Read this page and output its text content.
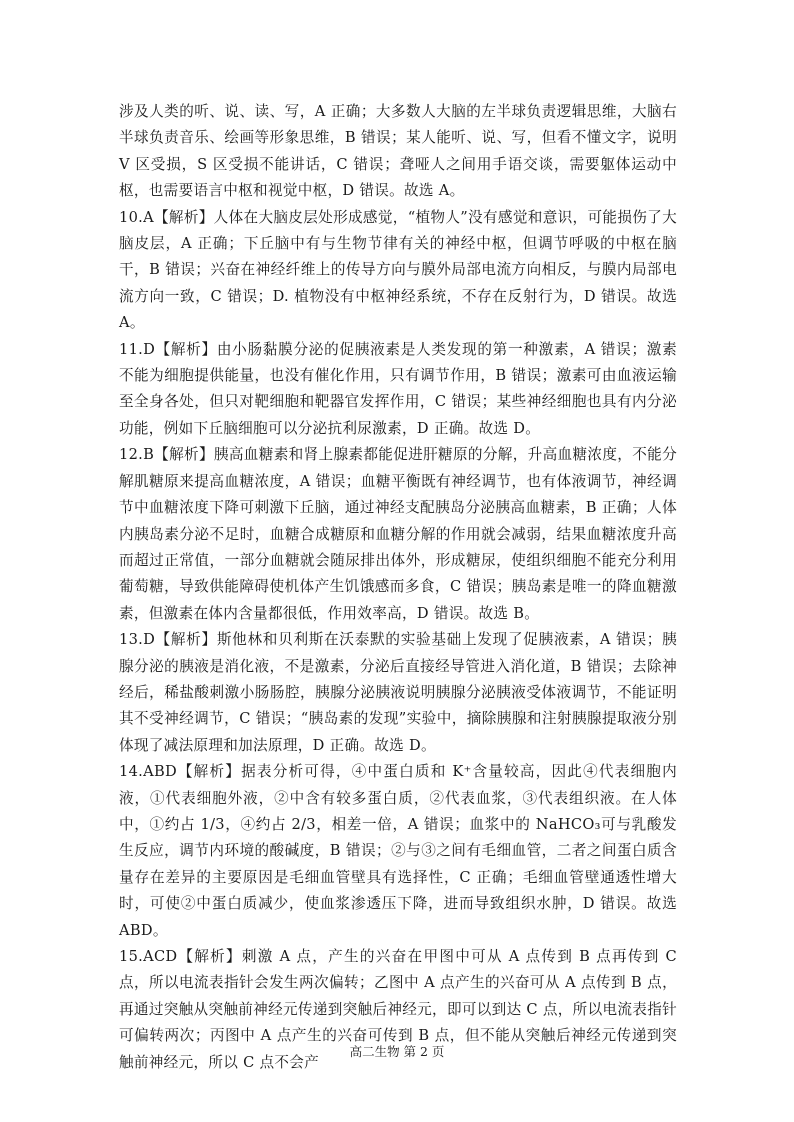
涉及人类的听、说、读、写，A 正确；大多数人大脑的左半球负责逻辑思维，大脑右半球负责音乐、绘画等形象思维，B 错误；某人能听、说、写，但看不懂文字，说明 V 区受损，S 区受损不能讲话，C 错误；聋哑人之间用手语交谈，需要躯体运动中枢，也需要语言中枢和视觉中枢，D 错误。故选 A。

10.A【解析】人体在大脑皮层处形成感觉，“植物人”没有感觉和意识，可能损伤了大脑皮层，A 正确；下丘脑中有与生物节律有关的神经中枢，但调节呼吸的中枢在脑干，B 错误；兴奋在神经纤维上的传导方向与膜外局部电流方向相反，与膜内局部电流方向一致，C 错误；D. 植物没有中枢神经系统，不存在反射行为，D 错误。故选 A。

11.D【解析】由小肠黏膜分泌的促胰液素是人类发现的第一种激素，A 错误；激素不能为细胞提供能量，也没有催化作用，只有调节作用，B 错误；激素可由血液运输至全身各处，但只对靶细胞和靶器官发挥作用，C 错误；某些神经细胞也具有内分泌功能，例如下丘脑细胞可以分泌抗利尿激素，D 正确。故选 D。

12.B【解析】胰高血糖素和肾上腺素都能促进肝糖原的分解，升高血糖浓度，不能分解肌糖原来提高血糖浓度，A 错误；血糖平衡既有神经调节，也有体液调节，神经调节中血糖浓度下降可刺激下丘脑，通过神经支配胰岛分泌胰高血糖素，B 正确；人体内胰岛素分泌不足时，血糖合成糖原和血糖分解的作用就会减弱，结果血糖浓度升高而超过正常值，一部分血糖就会随尿排出体外，形成糖尿，使组织细胞不能充分利用葡萄糖，导致供能障碍使机体产生饥饿感而多食，C 错误；胰岛素是唯一的降血糖激素，但激素在体内含量都很低，作用效率高，D 错误。故选 B。

13.D【解析】斯他林和贝利斯在沃泰默的实验基础上发现了促胰液素，A 错误；胰腺分泌的胰液是消化液，不是激素，分泌后直接经导管进入消化道，B 错误；去除神经后，稀盐酸刺激小肠肠腔，胰腺分泌胰液说明胰腺分泌胰液受体液调节，不能证明其不受神经调节，C 错误；“胰岛素的发现”实验中，摘除胰腺和注射胰腺提取液分别体现了减法原理和加法原理，D 正确。故选 D。

14.ABD【解析】据表分析可得，④中蛋白质和 K⁺含量较高，因此④代表细胞内液，①代表细胞外液，②中含有较多蛋白质，②代表血浆，③代表组织液。在人体中，①约占 1/3，④约占 2/3，相差一倍，A 错误；血浆中的 NaHCO₃可与乳酸发生反应，调节内环境的酸碱度，B 错误；②与③之间有毛细血管，二者之间蛋白质含量存在差异的主要原因是毛细血管壁具有选择性，C 正确；毛细血管壁通透性增大时，可使②中蛋白质减少，使血浆渗透压下降，进而导致组织水肿，D 错误。故选 ABD。

15.ACD【解析】刺激 A 点，产生的兴奋在甲图中可从 A 点传到 B 点再传到 C 点，所以电流表指针会发生两次偏转；乙图中 A 点产生的兴奋可从 A 点传到 B 点，再通过突触从突触前神经元传递到突触后神经元，即可以到达 C 点，所以电流表指针可偏转两次；丙图中 A 点产生的兴奋可传到 B 点，但不能从突触后神经元传递到突触前神经元，所以 C 点不会产

高二生物 第 2 页
